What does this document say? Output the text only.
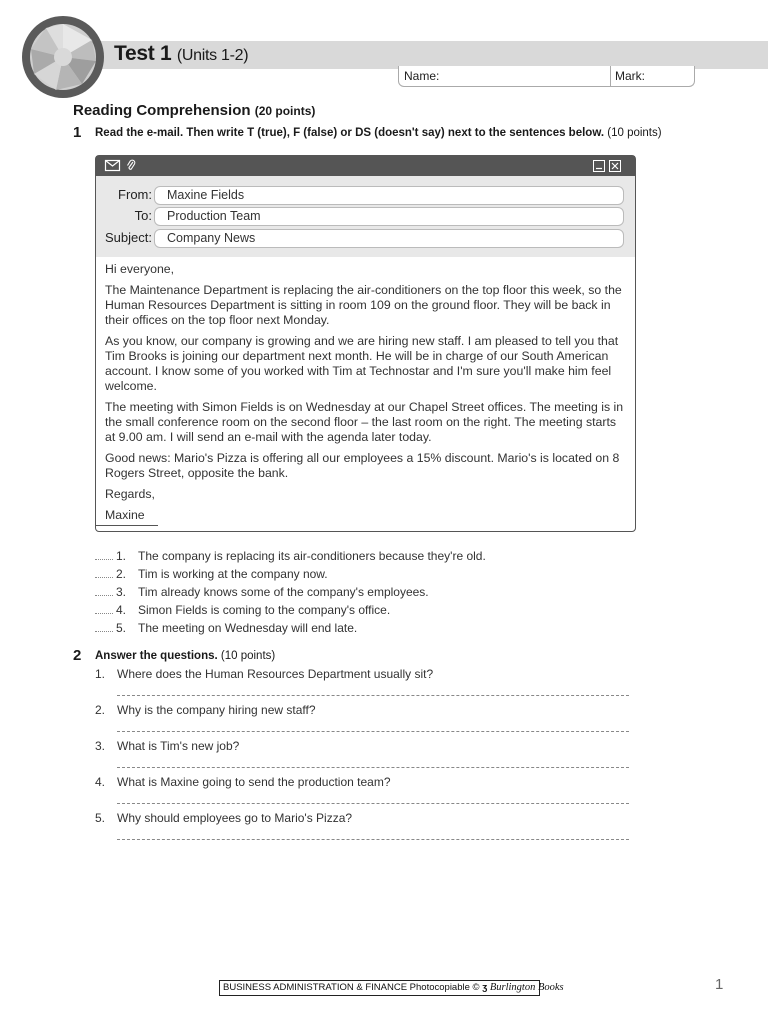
Test 1 (Units 1-2)
Name:	Mark:
Reading Comprehension (20 points)
1 Read the e-mail. Then write T (true), F (false) or DS (doesn't say) next to the sentences below. (10 points)
From:	Maxine Fields
To:	Production Team
Subject:	Company News

Hi everyone,

The Maintenance Department is replacing the air-conditioners on the top floor this week, so the Human Resources Department is sitting in room 109 on the ground floor. They will be back in their offices on the top floor next Monday.

As you know, our company is growing and we are hiring new staff. I am pleased to tell you that Tim Brooks is joining our department next month. He will be in charge of our South American account. I know some of you worked with Tim at Technostar and I'm sure you'll make him feel welcome.

The meeting with Simon Fields is on Wednesday at our Chapel Street offices. The meeting is in the small conference room on the second floor – the last room on the right. The meeting starts at 9.00 am. I will send an e-mail with the agenda later today.

Good news: Mario's Pizza is offering all our employees a 15% discount. Mario's is located on 8 Rogers Street, opposite the bank.

Regards,

Maxine

1. The company is replacing its air-conditioners because they're old.
2. Tim is working at the company now.
3. Tim already knows some of the company's employees.
4. Simon Fields is coming to the company's office.
5. The meeting on Wednesday will end late.
2 Answer the questions. (10 points)
1. Where does the Human Resources Department usually sit?
2. Why is the company hiring new staff?
3. What is Tim's new job?
4. What is Maxine going to send the production team?
5. Why should employees go to Mario's Pizza?
BUSINESS ADMINISTRATION & FINANCE Photocopiable © ʒ Burlington Books	1
